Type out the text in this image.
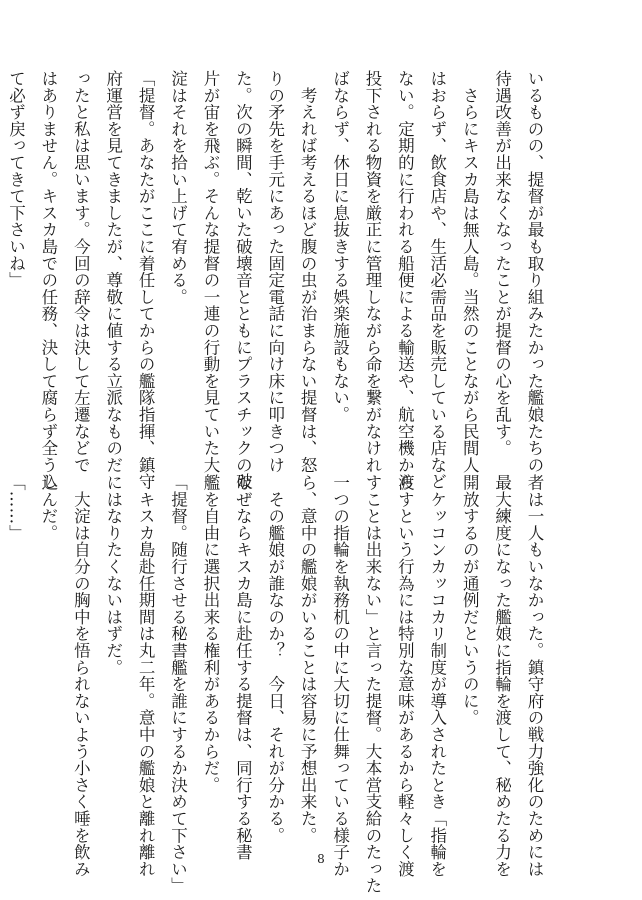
いるものの、提督が最も取り組みたかった艦娘たちの
待遇改善が出来なくなったことが提督の心を乱す。
　さらにキスカ島は無人島。当然のことながら民間人
はおらず、飲食店や、生活必需品を販売している店など
ない。定期的に行われる船便による輸送や、航空機から
投下される物資を厳正に管理しながら命を繋がなけれ
ばならず、休日に息抜きする娯楽施設もない。
　考えれば考えるほど腹の虫が治まらない提督は、怒
りの矛先を手元にあった固定電話に向け床に叩きつけ
た。次の瞬間、乾いた破壊音とともにプラスチックの破
片が宙を飛ぶ。そんな提督の一連の行動を見ていた大
淀はそれを拾い上げて宥める。
「提督。あなたがここに着任してからの艦隊指揮、鎮守
府運営を見てきましたが、尊敬に値する立派なものだ
ったと私は思います。今回の辞令は決して左遷などで
はありません。キスカ島での任務、決して腐らず全うし
て必ず戻ってきて下さいね」
者は一人もいなかった。鎮守府の戦力強化のためには
最大練度になった艦娘に指輪を渡して、秘めたる力を
開放するのが通例だというのに。
　ケッコンカッコカリ制度が導入されたとき「指輪を
渡すという行為には特別な意味があるから軽々しく渡
すことは出来ない」と言った提督。大本営支給のたった
一つの指輪を執務机の中に大切に仕舞っている様子か
ら、意中の艦娘がいることは容易に予想出来た。
　その艦娘が誰なのか？　今日、それが分かる。
なぜならキスカ島に赴任する提督は、同行する秘書
艦を自由に選択出来る権利があるからだ。
「提督。随行させる秘書艦を誰にするか決めて下さい」
　キスカ島赴任期間は丸二年。意中の艦娘と離れ離れ
にはなりたくないはずだ。
　大淀は自分の胸中を悟られないよう小さく唾を飲み
込んだ。
「……」
8
